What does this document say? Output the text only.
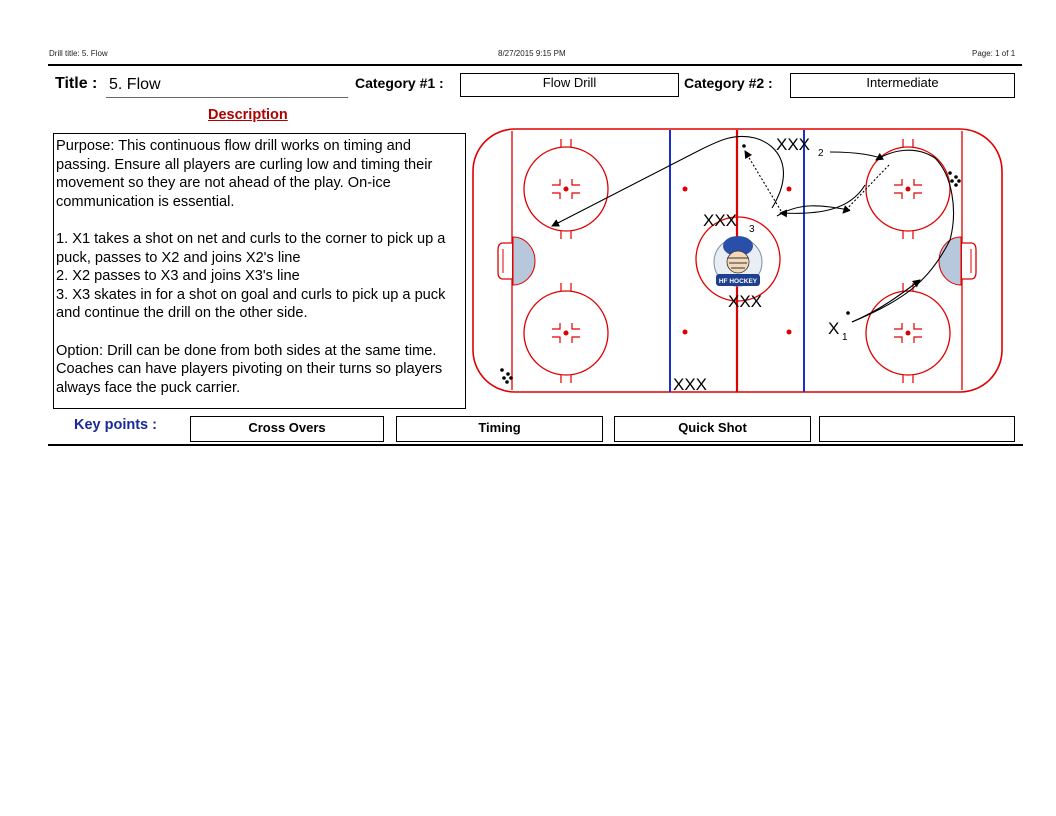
Drill title: 5. Flow	8/27/2015 9:15 PM	Page: 1 of 1
Title : 5. Flow	Category #1 :	Flow Drill	Category #2 :	Intermediate
Description

Purpose: This continuous flow drill works on timing and passing. Ensure all players are curling low and timing their movement so they are not ahead of the play. On-ice communication is essential.

1. X1 takes a shot on net and curls to the corner to pick up a puck, passes to X2 and joins X2's line
2. X2 passes to X3 and joins X3's line

3. X3 skates in for a shot on goal and curls to pick up a puck and continue the drill on the other side.

Option: Drill can be done from both sides at the same time. Coaches can have players pivoting on their turns so players always face the puck carrier.

HF HOCKEY
XXX 2
XXX 3
XXX
XXX
X 1
Key points :	Cross Overs	Timing	Quick Shot
